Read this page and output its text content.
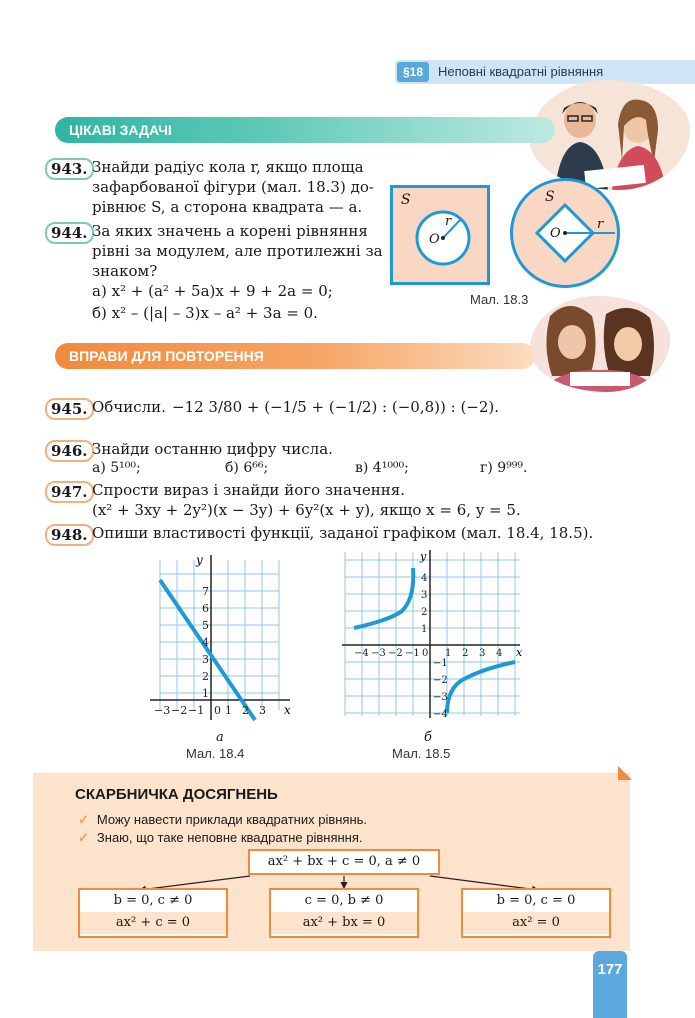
§18	Неповні квадратні рівняння
ЦІКАВІ ЗАДАЧІ
943. Знайди радіус кола r, якщо площа
зафарбованої фігури (мал. 18.3) до-
рівнює S, а сторона квадрата — a.
944. За яких значень a корені рівняння
рівні за модулем, але протилежні за
знаком?
а) x² + (a² + 5a)x + 9 + 2a = 0;
б) x² – (|a| – 3)x – a² + 3a = 0.
S
O
r
S
O
r
Мал. 18.3
ВПРАВИ ДЛЯ ПОВТОРЕННЯ
945. Обчисли. −12 3/80 + (−1/5 + (−1/2) : (−0,8)) : (−2).
946. Знайди останню цифру числа.
а) 5¹⁰⁰;	б) 6⁶⁶;	в) 4¹⁰⁰⁰;	г) 9⁹⁹⁹.
947. Спрости вираз і знайди його значення.
(x² + 3xy + 2y²)(x − 3y) + 6y²(x + y), якщо x = 6, y = 5.
948. Опиши властивості функції, заданої графіком (мал. 18.4, 18.5).
x
y
−3 −2 −1 0 1 2 3
1
2
3
4
5
6
7
а
Мал. 18.4
x
y
−4 −3 −2 −1 0 1 2 3 4
1
2
3
4
−1
−2
−3
−4
б
Мал. 18.5
СКАРБНИЧКА ДОСЯГНЕНЬ
✓ Можу навести приклади квадратних рівнянь.
✓ Знаю, що таке неповне квадратне рівняння.
ax² + bx + c = 0, a ≠ 0
b = 0, c ≠ 0
ax² + c = 0
c = 0, b ≠ 0
ax² + bx = 0
b = 0, c = 0
ax² = 0
177
